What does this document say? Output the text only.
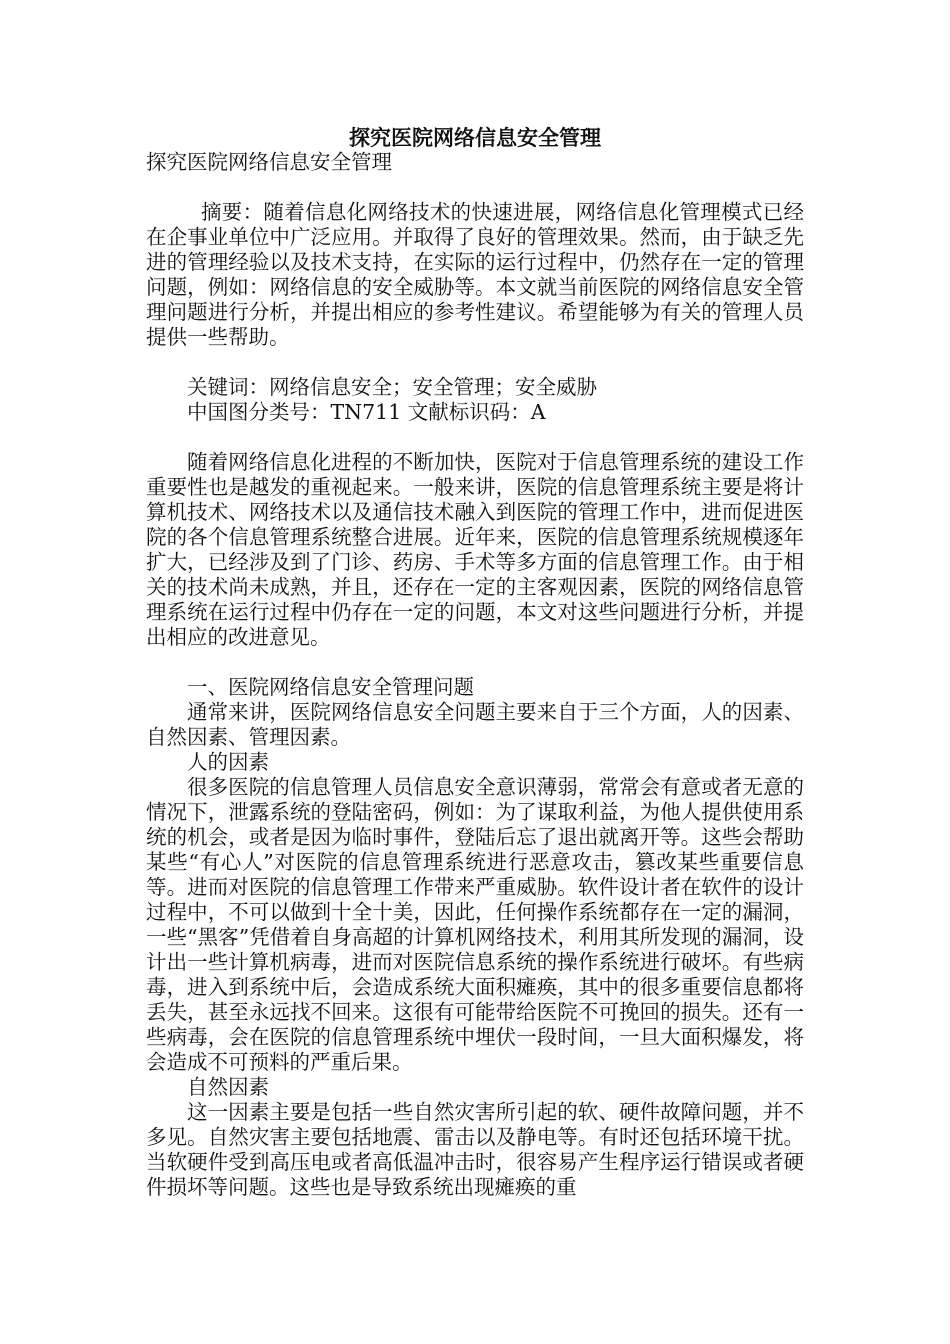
探究医院网络信息安全管理

探究医院网络信息安全管理

摘要：随着信息化网络技术的快速进展，网络信息化管理模式已经在企事业单位中广泛应用。并取得了良好的管理效果。然而，由于缺乏先进的管理经验以及技术支持，在实际的运行过程中，仍然存在一定的管理问题，例如：网络信息的安全威胁等。本文就当前医院的网络信息安全管理问题进行分析，并提出相应的参考性建议。希望能够为有关的管理人员提供一些帮助。

关键词：网络信息安全；安全管理；安全威胁

中国图分类号：TN711 文献标识码：A

随着网络信息化进程的不断加快，医院对于信息管理系统的建设工作重要性也是越发的重视起来。一般来讲，医院的信息管理系统主要是将计算机技术、网络技术以及通信技术融入到医院的管理工作中，进而促进医院的各个信息管理系统整合进展。近年来，医院的信息管理系统规模逐年扩大，已经涉及到了门诊、药房、手术等多方面的信息管理工作。由于相关的技术尚未成熟，并且，还存在一定的主客观因素，医院的网络信息管理系统在运行过程中仍存在一定的问题，本文对这些问题进行分析，并提出相应的改进意见。

一、医院网络信息安全管理问题

通常来讲，医院网络信息安全问题主要来自于三个方面，人的因素、自然因素、管理因素。

人的因素

很多医院的信息管理人员信息安全意识薄弱，常常会有意或者无意的情况下，泄露系统的登陆密码，例如：为了谋取利益，为他人提供使用系统的机会，或者是因为临时事件，登陆后忘了退出就离开等。这些会帮助某些“有心人”对医院的信息管理系统进行恶意攻击，篡改某些重要信息等。进而对医院的信息管理工作带来严重威胁。软件设计者在软件的设计过程中，不可以做到十全十美，因此，任何操作系统都存在一定的漏洞，一些“黑客”凭借着自身高超的计算机网络技术，利用其所发现的漏洞，设计出一些计算机病毒，进而对医院信息系统的操作系统进行破坏。有些病毒，进入到系统中后，会造成系统大面积瘫痪，其中的很多重要信息都将丢失，甚至永远找不回来。这很有可能带给医院不可挽回的损失。还有一些病毒，会在医院的信息管理系统中埋伏一段时间，一旦大面积爆发，将会造成不可预料的严重后果。

自然因素

这一因素主要是包括一些自然灾害所引起的软、硬件故障问题，并不多见。自然灾害主要包括地震、雷击以及静电等。有时还包括环境干扰。当软硬件受到高压电或者高低温冲击时，很容易产生程序运行错误或者硬件损坏等问题。这些也是导致系统出现瘫痪的重
